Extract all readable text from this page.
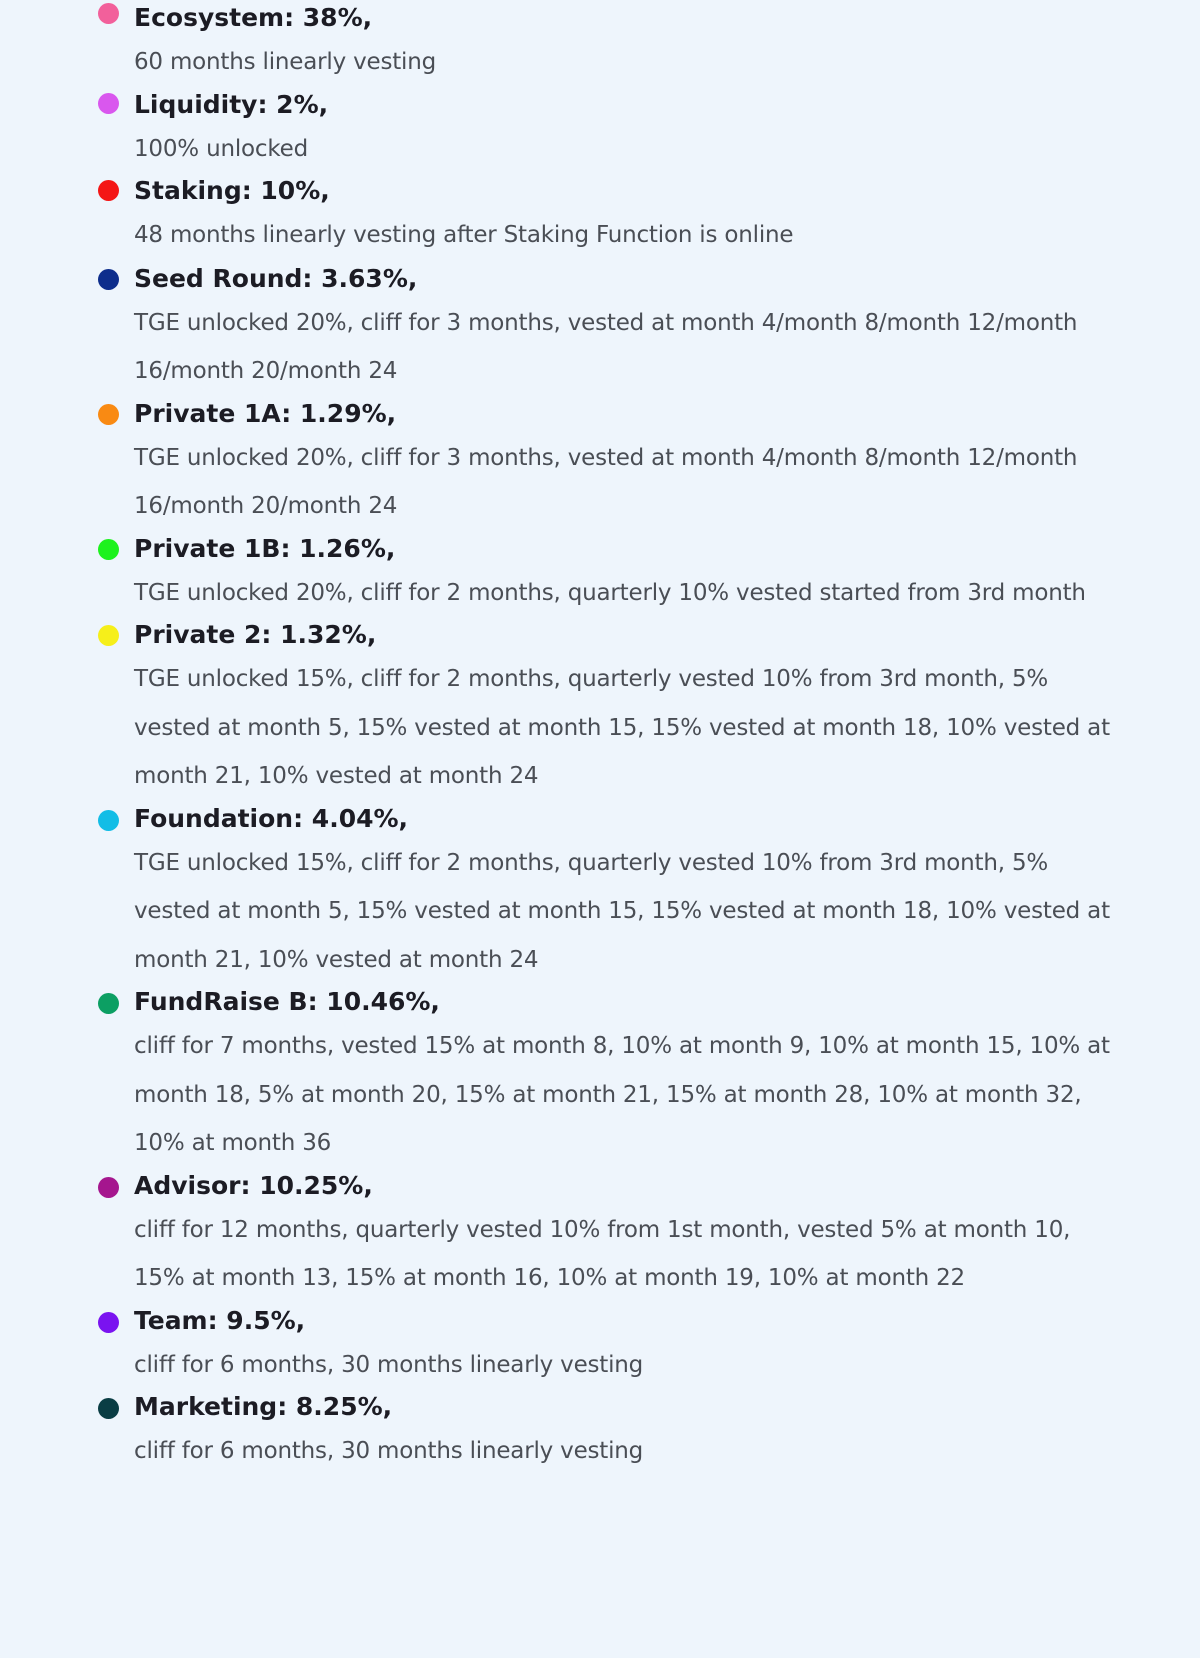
Ecosystem: 38%,
60 months linearly vesting
Liquidity: 2%,
100% unlocked
Staking: 10%,
48 months linearly vesting after Staking Function is online
Seed Round: 3.63%,
TGE unlocked 20%, cliff for 3 months, vested at month 4/month 8/month 12/month 16/month 20/month 24
Private 1A: 1.29%,
TGE unlocked 20%, cliff for 3 months, vested at month 4/month 8/month 12/month 16/month 20/month 24
Private 1B: 1.26%,
TGE unlocked 20%, cliff for 2 months, quarterly 10% vested started from 3rd month
Private 2: 1.32%,
TGE unlocked 15%, cliff for 2 months, quarterly vested 10% from 3rd month, 5% vested at month 5, 15% vested at month 15, 15% vested at month 18, 10% vested at month 21, 10% vested at month 24
Foundation: 4.04%,
TGE unlocked 15%, cliff for 2 months, quarterly vested 10% from 3rd month, 5% vested at month 5, 15% vested at month 15, 15% vested at month 18, 10% vested at month 21, 10% vested at month 24
FundRaise B: 10.46%,
cliff for 7 months, vested 15% at month 8, 10% at month 9, 10% at month 15, 10% at month 18, 5% at month 20, 15% at month 21, 15% at month 28, 10% at month 32, 10% at month 36
Advisor: 10.25%,
cliff for 12 months, quarterly vested 10% from 1st month, vested 5% at month 10, 15% at month 13, 15% at month 16, 10% at month 19, 10% at month 22
Team: 9.5%,
cliff for 6 months, 30 months linearly vesting
Marketing: 8.25%,
cliff for 6 months, 30 months linearly vesting
